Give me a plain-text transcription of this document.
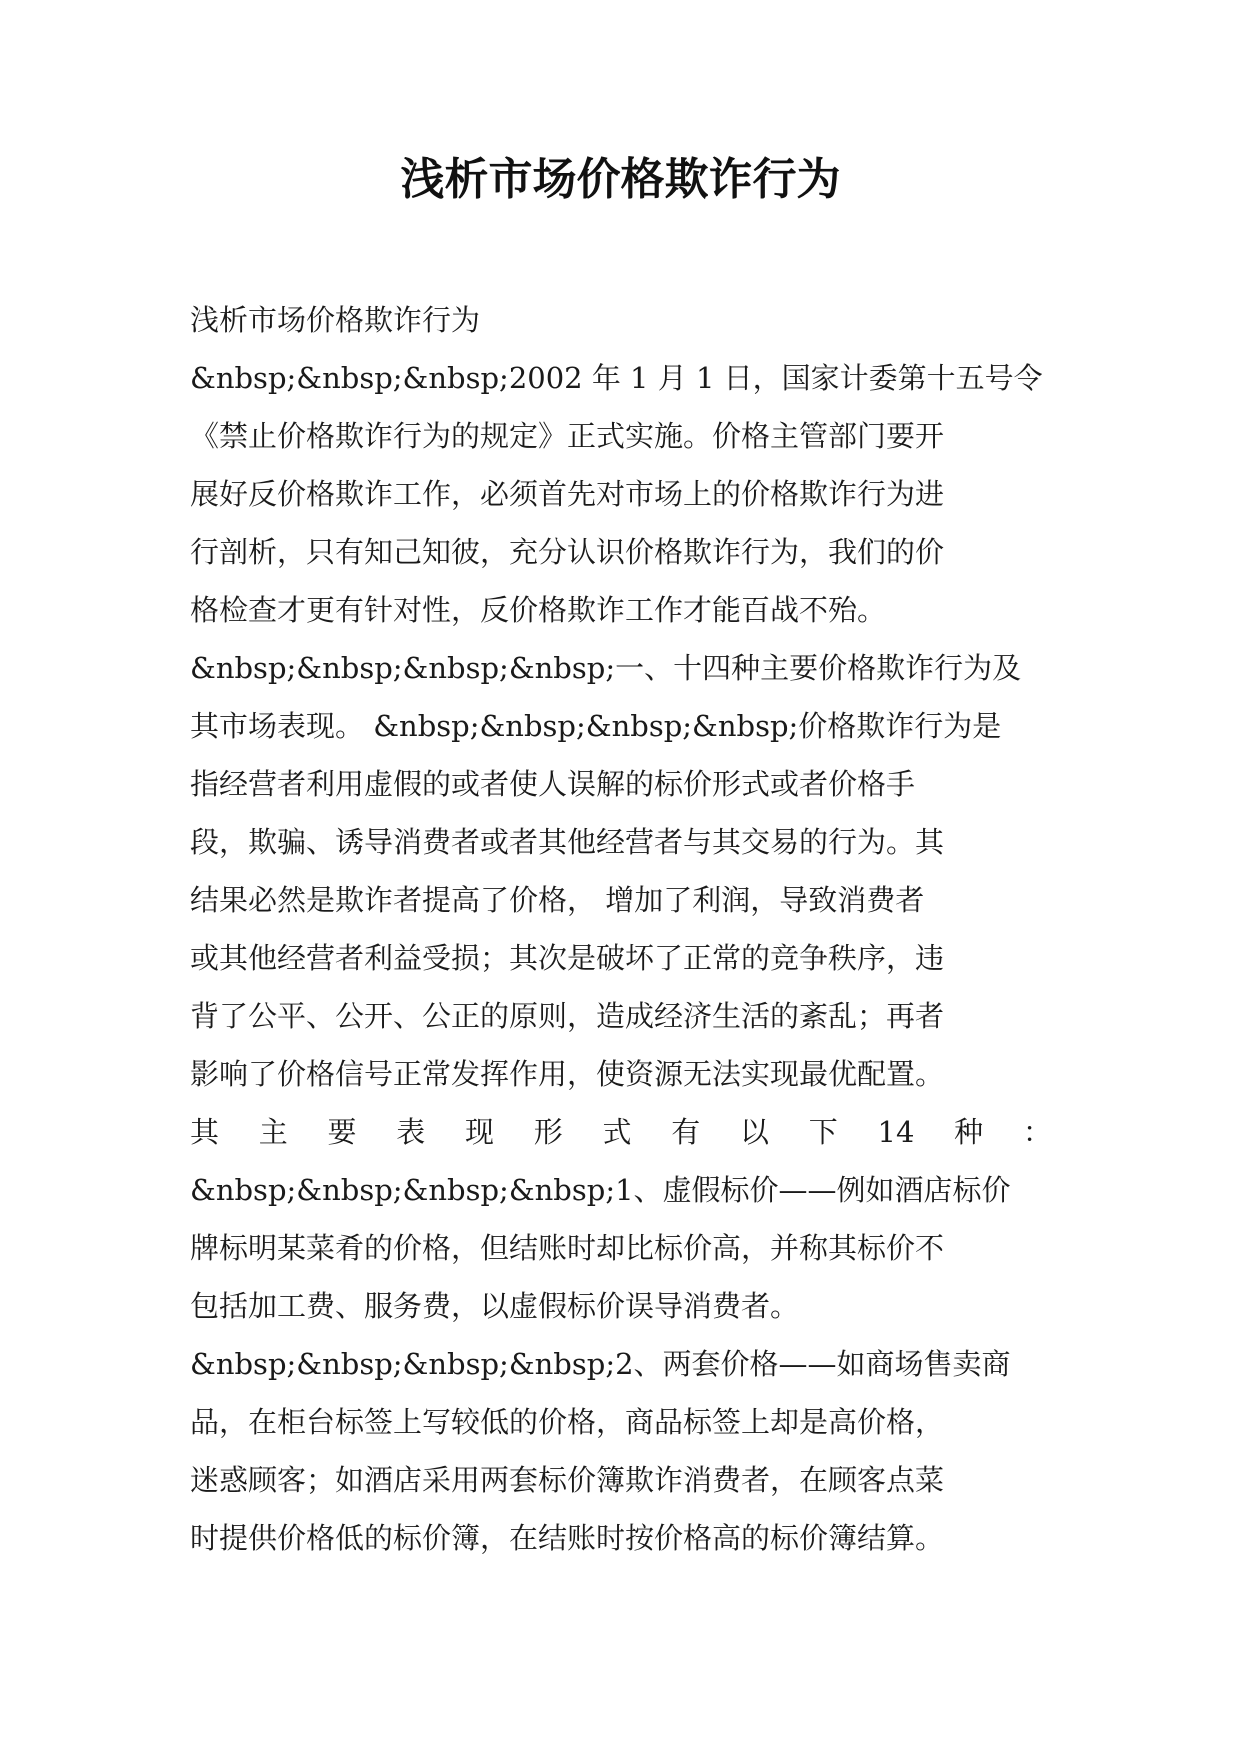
浅析市场价格欺诈行为
浅析市场价格欺诈行为
&nbsp;&nbsp;&nbsp;2002 年 1 月 1 日，国家计委第十五号令
《禁止价格欺诈行为的规定》正式实施。价格主管部门要开
展好反价格欺诈工作，必须首先对市场上的价格欺诈行为进
行剖析，只有知己知彼，充分认识价格欺诈行为，我们的价
格检查才更有针对性，反价格欺诈工作才能百战不殆。
&nbsp;&nbsp;&nbsp;&nbsp;一、十四种主要价格欺诈行为及
其市场表现。 &nbsp;&nbsp;&nbsp;&nbsp;价格欺诈行为是
指经营者利用虚假的或者使人误解的标价形式或者价格手
段，欺骗、诱导消费者或者其他经营者与其交易的行为。其
结果必然是欺诈者提高了价格， 增加了利润，导致消费者
或其他经营者利益受损；其次是破坏了正常的竞争秩序，违
背了公平、公开、公正的原则，造成经济生活的紊乱；再者
影响了价格信号正常发挥作用，使资源无法实现最优配置。
其 主 要 表 现 形 式 有 以 下 14 种 ：
&nbsp;&nbsp;&nbsp;&nbsp;1、虚假标价——例如酒店标价
牌标明某菜肴的价格，但结账时却比标价高，并称其标价不
包括加工费、服务费，以虚假标价误导消费者。
&nbsp;&nbsp;&nbsp;&nbsp;2、两套价格——如商场售卖商
品，在柜台标签上写较低的价格，商品标签上却是高价格，
迷惑顾客；如酒店采用两套标价簿欺诈消费者，在顾客点菜
时提供价格低的标价簿，在结账时按价格高的标价簿结算。
